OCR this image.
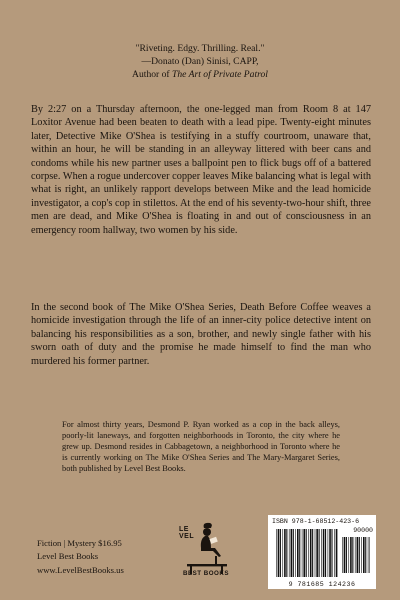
"Riveting. Edgy. Thrilling. Real."
—Donato (Dan) Sinisi, CAPP,
Author of The Art of Private Patrol

By 2:27 on a Thursday afternoon, the one-legged man from Room 8 at 147 Loxitor Avenue had been beaten to death with a lead pipe. Twenty-eight minutes later, Detective Mike O'Shea is testifying in a stuffy courtroom, unaware that, within an hour, he will be standing in an alleyway littered with beer cans and condoms while his new partner uses a ballpoint pen to flick bugs off of a battered corpse. When a rogue undercover copper leaves Mike balancing what is legal with what is right, an unlikely rapport develops between Mike and the lead homicide investigator, a cop's cop in stilettos. At the end of his seventy-two-hour shift, three men are dead, and Mike O'Shea is floating in and out of consciousness in an emergency room hallway, two women by his side.

In the second book of The Mike O'Shea Series, Death Before Coffee weaves a homicide investigation through the life of an inner-city police detective intent on balancing his responsibilities as a son, brother, and newly single father with his sworn oath of duty and the promise he made himself to find the man who murdered his former partner.

For almost thirty years, Desmond P. Ryan worked as a cop in the back alleys, poorly-lit laneways, and forgotten neighborhoods in Toronto, the city where he grew up. Desmond resides in Cabbagetown, a neighborhood in Toronto where he is currently working on The Mike O'Shea Series and The Mary-Margaret Series, both published by Level Best Books.

Fiction | Mystery $16.95
Level Best Books
www.LevelBestBooks.us
LE
VEL
BEST BOOKS
ISBN 978-1-68512-423-6
90000
9 781685 124236
